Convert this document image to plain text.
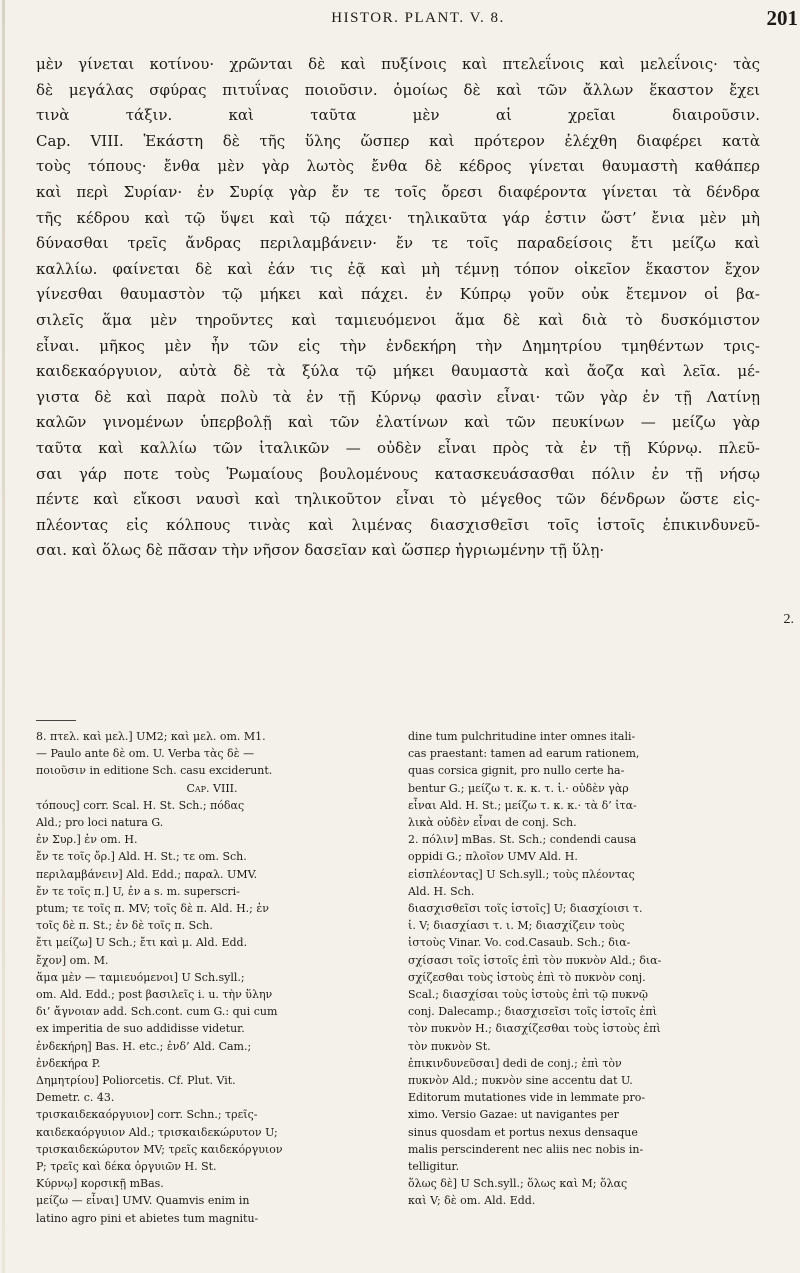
HISTOR. PLANT. V. 8.	201
μὲν γίνεται κοτίνου· χρῶνται δὲ καὶ πυξίνοις καὶ πτελεΐνοις καὶ μελεΐνοις· τὰς
δὲ μεγάλας σφύρας πιτυΐνας ποιοῦσιν. ὁμοίως δὲ καὶ τῶν ἄλλων ἕκαστον ἔχει
τινὰ τάξιν. καὶ ταῦτα μὲν αἱ χρεῖαι διαιροῦσιν.
Cap. VIII. Ἑκάστη δὲ τῆς ὕλης ὥσπερ καὶ πρότερον ἐλέχθη διαφέρει κατὰ
τοὺς τόπους· ἔνθα μὲν γὰρ λωτὸς ἔνθα δὲ κέδρος γίνεται θαυμαστὴ καθάπερ
καὶ περὶ Συρίαν· ἐν Συρίᾳ γὰρ ἔν τε τοῖς ὄρεσι διαφέροντα γίνεται τὰ δένδρα
τῆς κέδρου καὶ τῷ ὕψει καὶ τῷ πάχει· τηλικαῦτα γάρ ἐστιν ὥστ’ ἔνια μὲν μὴ
δύνασθαι τρεῖς ἄνδρας περιλαμβάνειν· ἔν τε τοῖς παραδείσοις ἔτι μείζω καὶ
καλλίω. φαίνεται δὲ καὶ ἐάν τις ἐᾷ καὶ μὴ τέμνῃ τόπον οἰκεῖον ἕκαστον ἔχον
γίνεσθαι θαυμαστὸν τῷ μήκει καὶ πάχει. ἐν Κύπρῳ γοῦν οὐκ ἔτεμνον οἱ βα-
σιλεῖς ἅμα μὲν τηροῦντες καὶ ταμιευόμενοι ἅμα δὲ καὶ διὰ τὸ δυσκόμιστον
εἶναι. μῆκος μὲν ἦν τῶν εἰς τὴν ἐνδεκήρη τὴν Δημητρίου τμηθέντων τρις-
καιδεκαόργυιον, αὐτὰ δὲ τὰ ξύλα τῷ μήκει θαυμαστὰ καὶ ἄοζα καὶ λεῖα. μέ-
γιστα δὲ καὶ παρὰ πολὺ τὰ ἐν τῇ Κύρνῳ φασὶν εἶναι· τῶν γὰρ ἐν τῇ Λατίνῃ
καλῶν γινομένων ὑπερβολῇ καὶ τῶν ἐλατίνων καὶ τῶν πευκίνων — μείζω γὰρ
ταῦτα καὶ καλλίω τῶν ἰταλικῶν — οὐδὲν εἶναι πρὸς τὰ ἐν τῇ Κύρνῳ. πλεῦ-
σαι γάρ ποτε τοὺς Ῥωμαίους βουλομένους κατασκευάσασθαι πόλιν ἐν τῇ νήσῳ
πέντε καὶ εἴκοσι ναυσὶ καὶ τηλικοῦτον εἶναι τὸ μέγεθος τῶν δένδρων ὥστε εἰς-
πλέοντας εἰς κόλπους τινὰς καὶ λιμένας διασχισθεῖσι τοῖς ἱστοῖς ἐπικινδυνεῦ-
σαι. καὶ ὅλως δὲ πᾶσαν τὴν νῆσον δασεῖαν καὶ ὥσπερ ἠγριωμένην τῇ ὕλῃ·
2.
8. πτελ. καὶ μελ.] UM2; καὶ μελ. om. M1.
— Paulo ante δὲ om. U. Verba τὰς δὲ —
ποιοῦσιν in editione Sch. casu exciderunt.
Cap. VIII.
τόπους] corr. Scal. H. St. Sch.; πόδας
Ald.; pro loci natura G.
ἐν Συρ.] ἐν om. H.
ἔν τε τοῖς ὄρ.] Ald. H. St.; τε om. Sch.
περιλαμβάνειν] Ald. Edd.; παραλ. UMV.
ἔν τε τοῖς π.] U, ἐν a s. m. superscri-
ptum; τε τοῖς π. MV; τοῖς δὲ π. Ald. H.; ἐν
τοῖς δὲ π. St.; ἐν δὲ τοῖς π. Sch.
ἔτι μείζω] U Sch.; ἔτι καὶ μ. Ald. Edd.
ἔχον] om. M.
ἅμα μὲν — ταμιευόμενοι] U Sch.syll.;
om. Ald. Edd.; post βασιλεῖς i. u. τὴν ὕλην
δι’ ἄγνοιαν add. Sch.cont. cum G.: qui cum
ex imperitia de suo addidisse videtur.
ἐνδεκήρη] Bas. H. etc.; ἐνδ’ Ald. Cam.;
ἐνδεκήρα P.
Δημητρίου] Poliorcetis. Cf. Plut. Vit.
Demetr. c. 43.
τρισκαιδεκαόργυιον] corr. Schn.; τρεῖς-
καιδεκαόργυιον Ald.; τρισκαιδεκώρυτον U;
τρισκαιδεκώρυτον MV; τρεῖς καιδεκόργυιον
P; τρεῖς καὶ δέκα ὀργυιῶν H. St.
Κύρνῳ] κορσικῇ mBas.
μείζω — εἶναι] UMV. Quamvis enim in
latino agro pini et abietes tum magnitu-
dine tum pulchritudine inter omnes itali-
cas praestant: tamen ad earum rationem,
quas corsica gignit, pro nullo certe ha-
bentur G.; μείζω τ. κ. κ. τ. ἰ.· οὐδὲν γὰρ
εἶναι Ald. H. St.; μείζω τ. κ. κ.· τὰ δ’ ἰτα-
λικὰ οὐδὲν εἶναι de conj. Sch.
2. πόλιν] mBas. St. Sch.; condendi causa
oppidi G.; πλοῖον UMV Ald. H.
εἰσπλέοντας] U Sch.syll.; τοὺς πλέοντας
Ald. H. Sch.
διασχισθεῖσι τοῖς ἱστοῖς] U; διασχίοισι τ.
ἱ. V; διασχίασι τ. ι. M; διασχίζειν τοὺς
ἱστοὺς Vinar. Vo. cod.Casaub. Sch.; δια-
σχίσασι τοῖς ἱστοῖς ἐπὶ τὸν πυκνὸν Ald.; δια-
σχίζεσθαι τοὺς ἱστοὺς ἐπὶ τὸ πυκνὸν conj.
Scal.; διασχίσαι τοὺς ἱστοὺς ἐπὶ τῷ πυκνῷ
conj. Dalecamp.; διασχισεῖσι τοῖς ἱστοῖς ἐπὶ
τὸν πυκνὸν H.; διασχίζεσθαι τοὺς ἱστοὺς ἐπὶ
τὸν πυκνὸν St.
ἐπικινδυνεῦσαι] dedi de conj.; ἐπὶ τὸν
πυκνὸν Ald.; πυκνὸν sine accentu dat U.
Editorum mutationes vide in lemmate pro-
ximo. Versio Gazae: ut navigantes per
sinus quosdam et portus nexus densaque
malis perscinderent nec aliis nec nobis in-
telligitur.
ὅλως δὲ] U Sch.syll.; ὅλως καὶ M; ὅλας
καὶ V; δὲ om. Ald. Edd.
